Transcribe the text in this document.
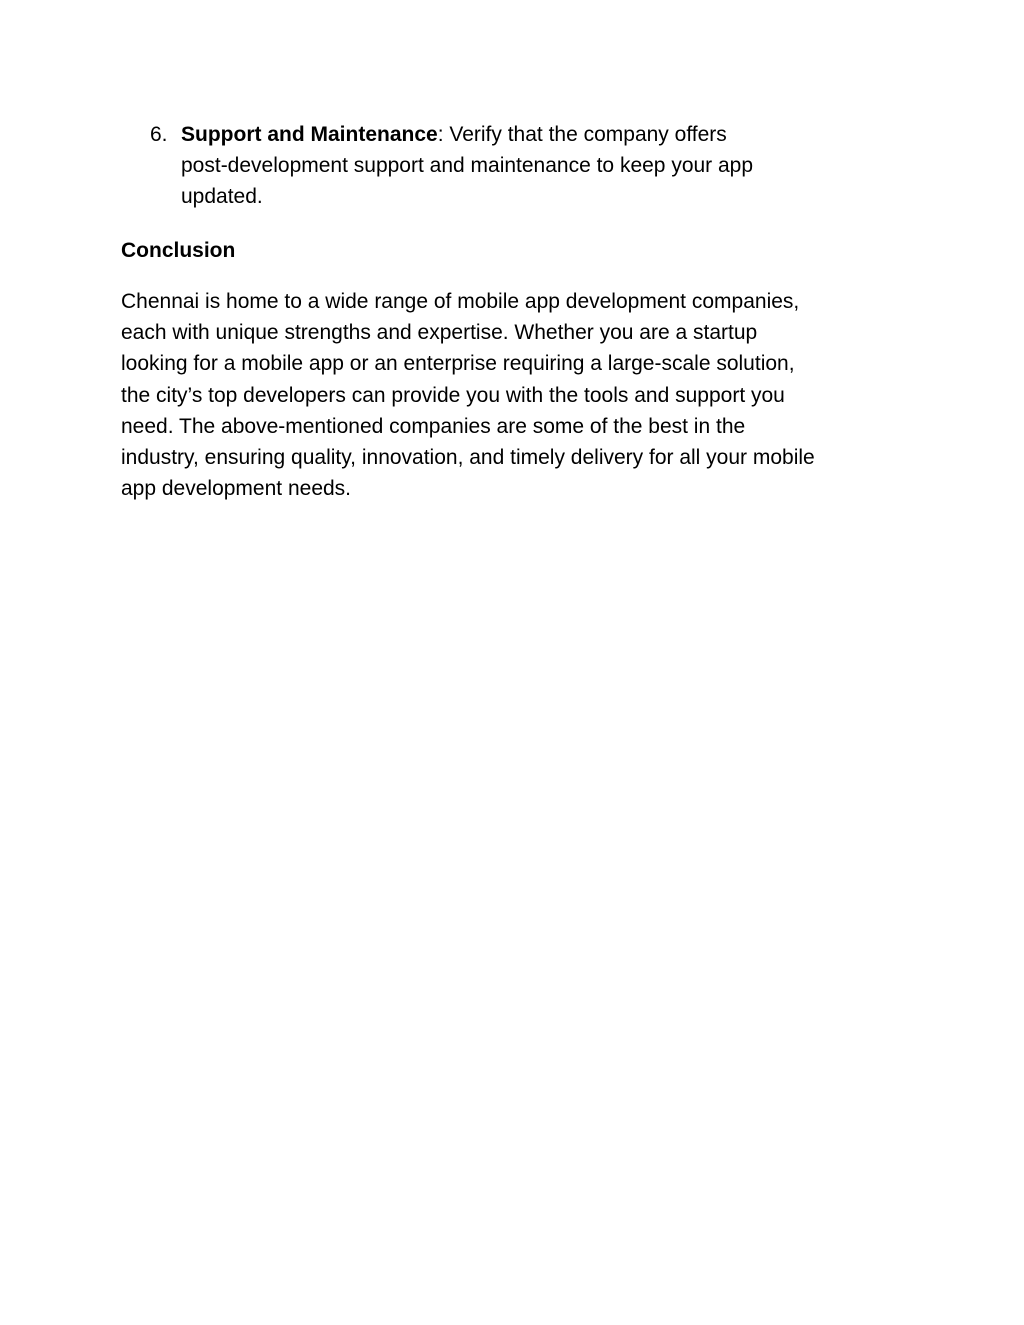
6. Support and Maintenance: Verify that the company offers
post-development support and maintenance to keep your app
updated.
Conclusion
Chennai is home to a wide range of mobile app development companies,
each with unique strengths and expertise. Whether you are a startup
looking for a mobile app or an enterprise requiring a large-scale solution,
the city’s top developers can provide you with the tools and support you
need. The above-mentioned companies are some of the best in the
industry, ensuring quality, innovation, and timely delivery for all your mobile
app development needs.
